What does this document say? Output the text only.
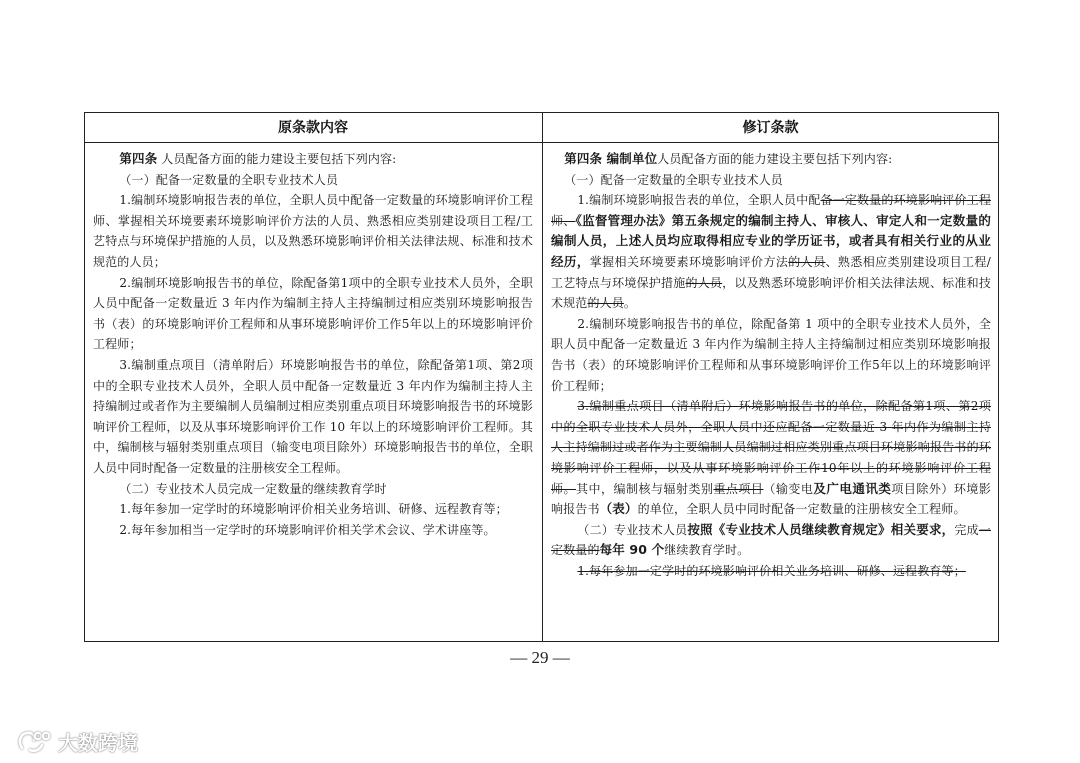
原条款内容	修订条款

第四条 人员配备方面的能力建设主要包括下列内容:

（一）配备一定数量的全职专业技术人员

1.编制环境影响报告表的单位，全职人员中配备一定数量的环境影响评价工程师、掌握相关环境要素环境影响评价方法的人员、熟悉相应类别建设项目工程/工艺特点与环境保护措施的人员，以及熟悉环境影响评价相关法律法规、标准和技术规范的人员；

2.编制环境影响报告书的单位，除配备第1项中的全职专业技术人员外，全职人员中配备一定数量近 3 年内作为编制主持人主持编制过相应类别环境影响报告书（表）的环境影响评价工程师和从事环境影响评价工作5年以上的环境影响评价工程师；

3.编制重点项目（清单附后）环境影响报告书的单位，除配备第1项、第2项中的全职专业技术人员外，全职人员中配备一定数量近 3 年内作为编制主持人主持编制过或者作为主要编制人员编制过相应类别重点项目环境影响报告书的环境影响评价工程师，以及从事环境影响评价工作 10 年以上的环境影响评价工程师。其中，编制核与辐射类别重点项目（输变电项目除外）环境影响报告书的单位，全职人员中同时配备一定数量的注册核安全工程师。

（二）专业技术人员完成一定数量的继续教育学时

1.每年参加一定学时的环境影响评价相关业务培训、研修、远程教育等；

2.每年参加相当一定学时的环境影响评价相关学术会议、学术讲座等。

第四条 编制单位人员配备方面的能力建设主要包括下列内容:

（一）配备一定数量的全职专业技术人员

1.编制环境影响报告表的单位，全职人员中配备一定数量的环境影响评价工程师、《监督管理办法》第五条规定的编制主持人、审核人、审定人和一定数量的编制人员，上述人员均应取得相应专业的学历证书，或者具有相关行业的从业经历，掌握相关环境要素环境影响评价方法的人员、熟悉相应类别建设项目工程/工艺特点与环境保护措施的人员，以及熟悉环境影响评价相关法律法规、标准和技术规范的人员。

2.编制环境影响报告书的单位，除配备第 1 项中的全职专业技术人员外，全职人员中配备一定数量近 3 年内作为编制主持人主持编制过相应类别环境影响报告书（表）的环境影响评价工程师和从事环境影响评价工作5年以上的环境影响评价工程师；

3.编制重点项目（清单附后）环境影响报告书的单位，除配备第1项、第2项中的全职专业技术人员外，全职人员中还应配备一定数量近 3 年内作为编制主持人主持编制过或者作为主要编制人员编制过相应类别重点项目环境影响报告书的环境影响评价工程师，以及从事环境影响评价工作10年以上的环境影响评价工程师。其中，编制核与辐射类别重点项目（输变电及广电通讯类项目除外）环境影响报告书（表）的单位，全职人员中同时配备一定数量的注册核安全工程师。

（二）专业技术人员按照《专业技术人员继续教育规定》相关要求，完成一定数量的每年 90 个继续教育学时。

1.每年参加一定学时的环境影响评价相关业务培训、研修、远程教育等；

— 29 —
大数跨境
